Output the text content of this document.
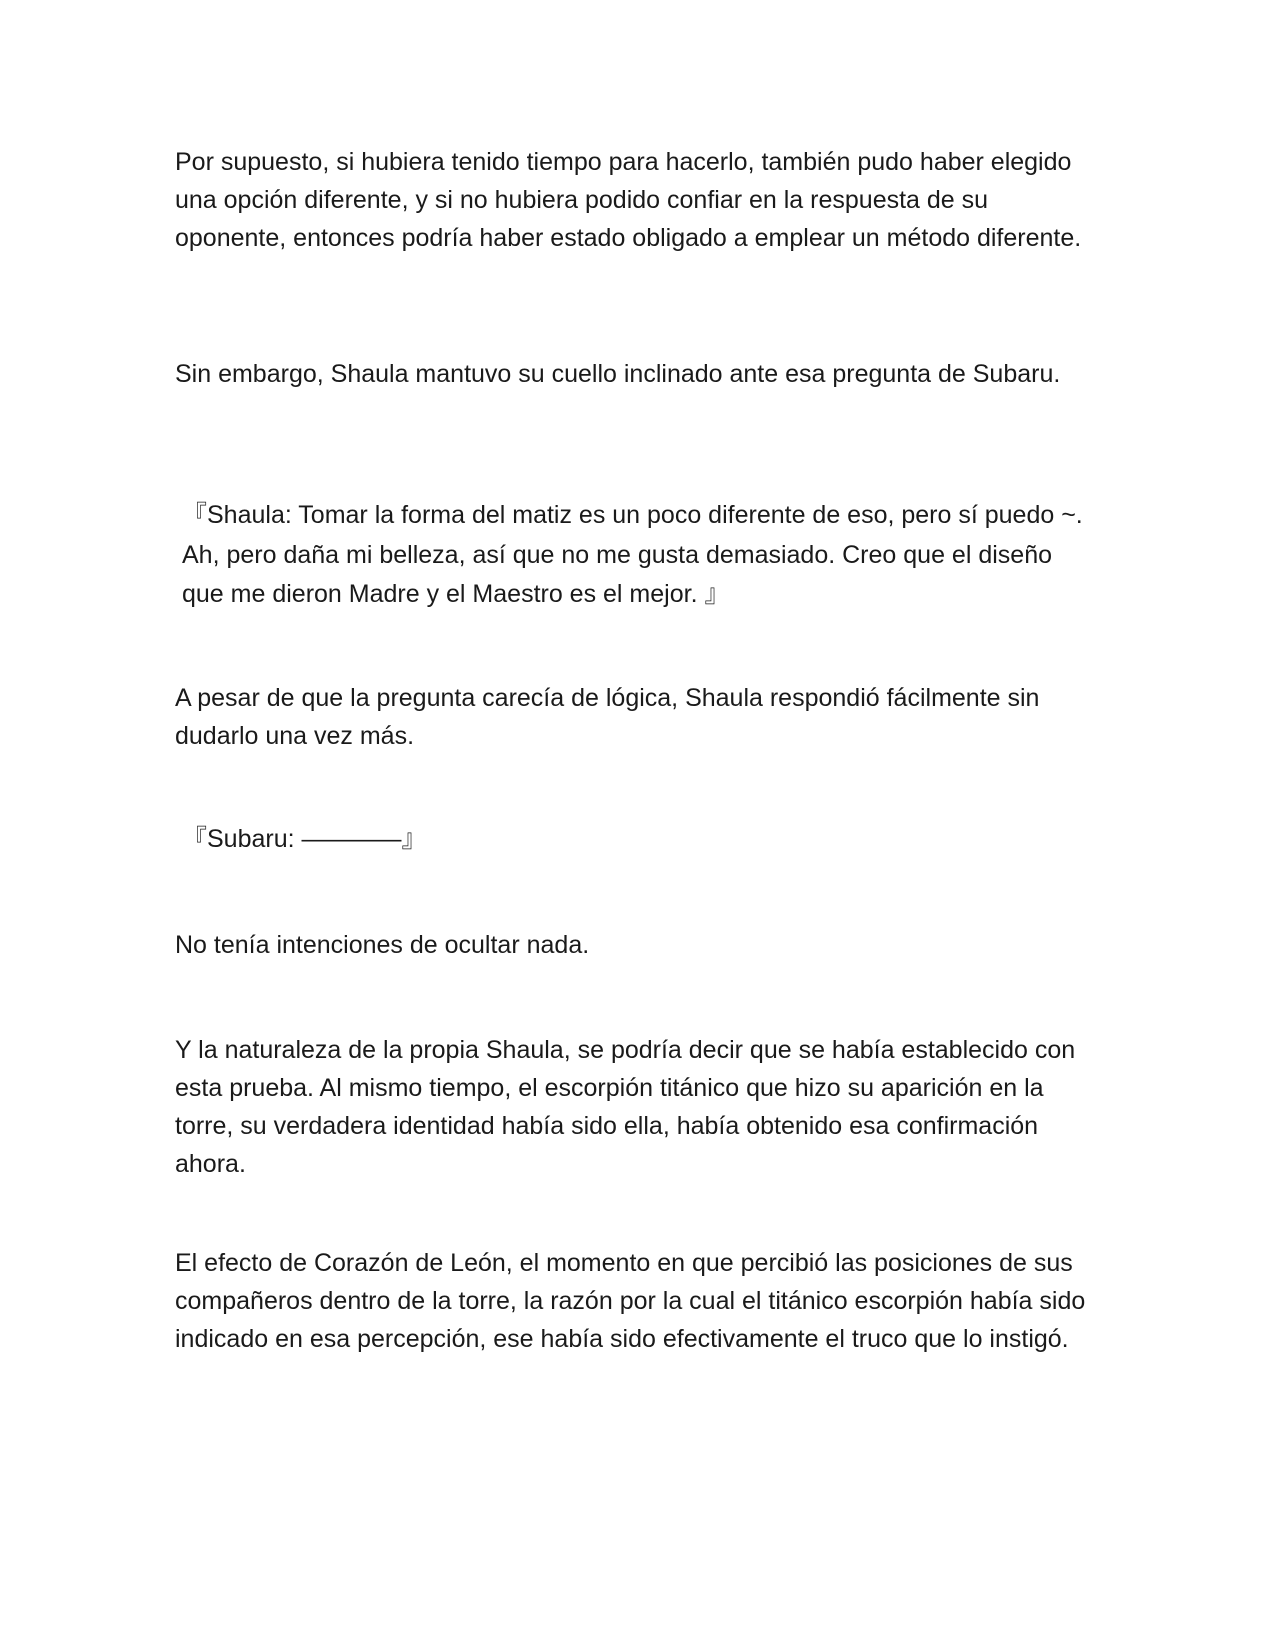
Por supuesto, si hubiera tenido tiempo para hacerlo, también pudo haber elegido una opción diferente, y si no hubiera podido confiar en la respuesta de su oponente, entonces podría haber estado obligado a emplear un método diferente.

Sin embargo, Shaula mantuvo su cuello inclinado ante esa pregunta de Subaru.

『Shaula: Tomar la forma del matiz es un poco diferente de eso, pero sí puedo ~. Ah, pero daña mi belleza, así que no me gusta demasiado. Creo que el diseño que me dieron Madre y el Maestro es el mejor. 』

A pesar de que la pregunta carecía de lógica, Shaula respondió fácilmente sin dudarlo una vez más.

『Subaru: ————』

No tenía intenciones de ocultar nada.

Y la naturaleza de la propia Shaula, se podría decir que se había establecido con esta prueba. Al mismo tiempo, el escorpión titánico que hizo su aparición en la torre, su verdadera identidad había sido ella, había obtenido esa confirmación ahora.

El efecto de Corazón de León, el momento en que percibió las posiciones de sus compañeros dentro de la torre, la razón por la cual el titánico escorpión había sido indicado en esa percepción, ese había sido efectivamente el truco que lo instigó.
